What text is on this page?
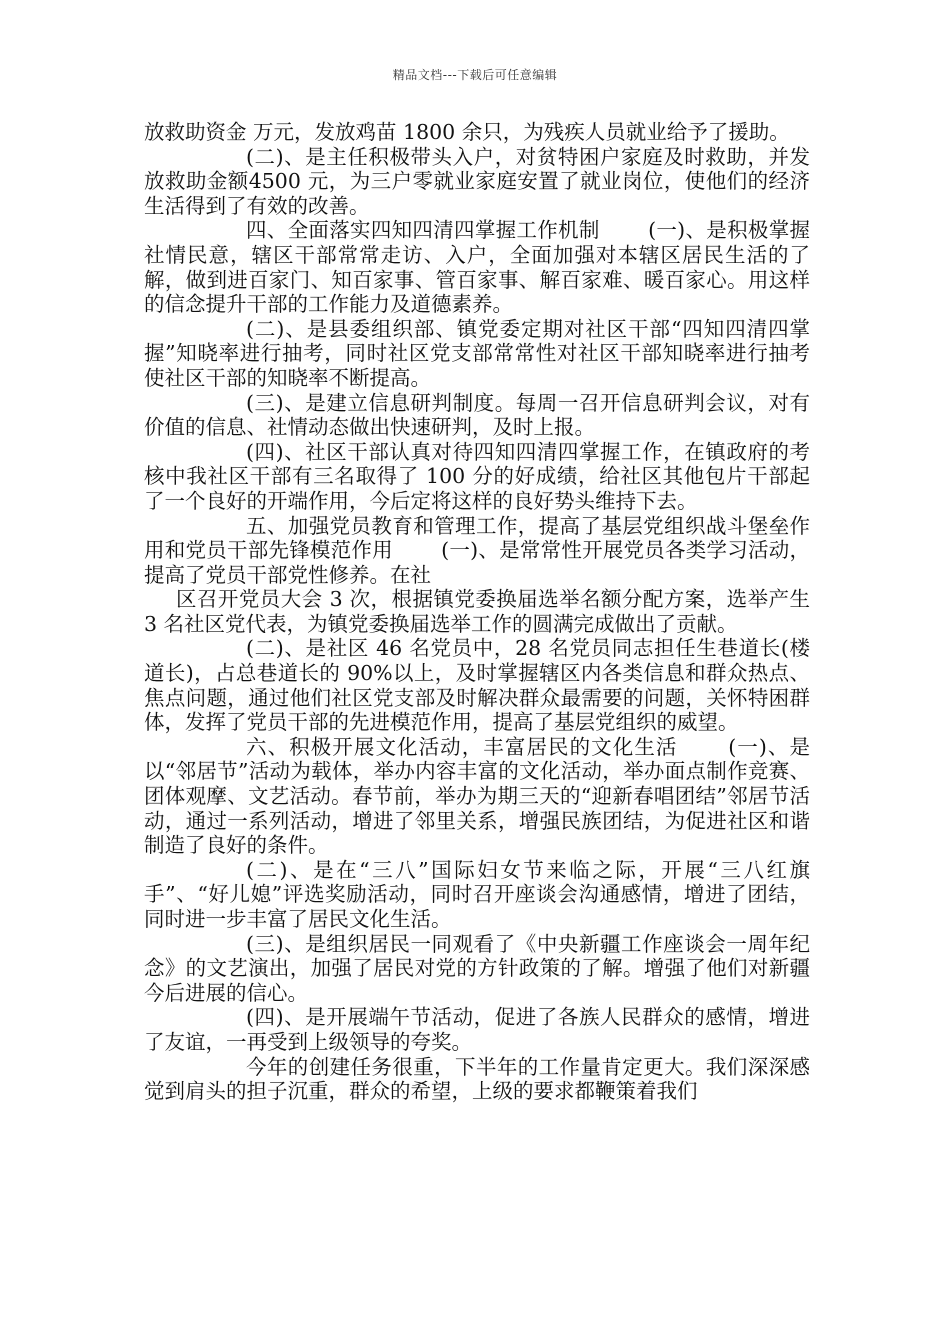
精品文档---下载后可任意编辑

放救助资金 万元，发放鸡苗 1800 余只，为残疾人员就业给予了援助。

(二)、是主任积极带头入户，对贫特困户家庭及时救助，并发放救助金额4500 元，为三户零就业家庭安置了就业岗位，使他们的经济生活得到了有效的改善。

四、全面落实四知四清四掌握工作机制 　　(一)、是积极掌握社情民意，辖区干部常常走访、入户，全面加强对本辖区居民生活的了解，做到进百家门、知百家事、管百家事、解百家难、暖百家心。用这样的信念提升干部的工作能力及道德素养。

(二)、是县委组织部、镇党委定期对社区干部“四知四清四掌握”知晓率进行抽考，同时社区党支部常常性对社区干部知晓率进行抽考使社区干部的知晓率不断提高。

(三)、是建立信息研判制度。每周一召开信息研判会议，对有价值的信息、社情动态做出快速研判，及时上报。

(四)、社区干部认真对待四知四清四掌握工作，在镇政府的考核中我社区干部有三名取得了 100 分的好成绩，给社区其他包片干部起了一个良好的开端作用，今后定将这样的良好势头维持下去。

五、加强党员教育和管理工作，提高了基层党组织战斗堡垒作用和党员干部先锋模范作用 　　(一)、是常常性开展党员各类学习活动，提高了党员干部党性修养。在社

区召开党员大会 3 次，根据镇党委换届选举名额分配方案，选举产生 3 名社区党代表，为镇党委换届选举工作的圆满完成做出了贡献。

(二)、是社区 46 名党员中，28 名党员同志担任生巷道长(楼道长)，占总巷道长的 90%以上，及时掌握辖区内各类信息和群众热点、焦点问题，通过他们社区党支部及时解决群众最需要的问题，关怀特困群体，发挥了党员干部的先进模范作用，提高了基层党组织的威望。

六、积极开展文化活动，丰富居民的文化生活 　　(一)、是以“邻居节”活动为载体，举办内容丰富的文化活动，举办面点制作竞赛、团体观摩、文艺活动。春节前，举办为期三天的“迎新春唱团结”邻居节活动，通过一系列活动，增进了邻里关系，增强民族团结，为促进社区和谐制造了良好的条件。

(二)、是在“三八”国际妇女节来临之际，开展“三八红旗手”、“好儿媳”评选奖励活动，同时召开座谈会沟通感情，增进了团结，同时进一步丰富了居民文化生活。

(三)、是组织居民一同观看了《中央新疆工作座谈会一周年纪念》的文艺演出，加强了居民对党的方针政策的了解。增强了他们对新疆今后进展的信心。

(四)、是开展端午节活动，促进了各族人民群众的感情，增进了友谊，一再受到上级领导的夸奖。

今年的创建任务很重，下半年的工作量肯定更大。我们深深感觉到肩头的担子沉重，群众的希望，上级的要求都鞭策着我们
